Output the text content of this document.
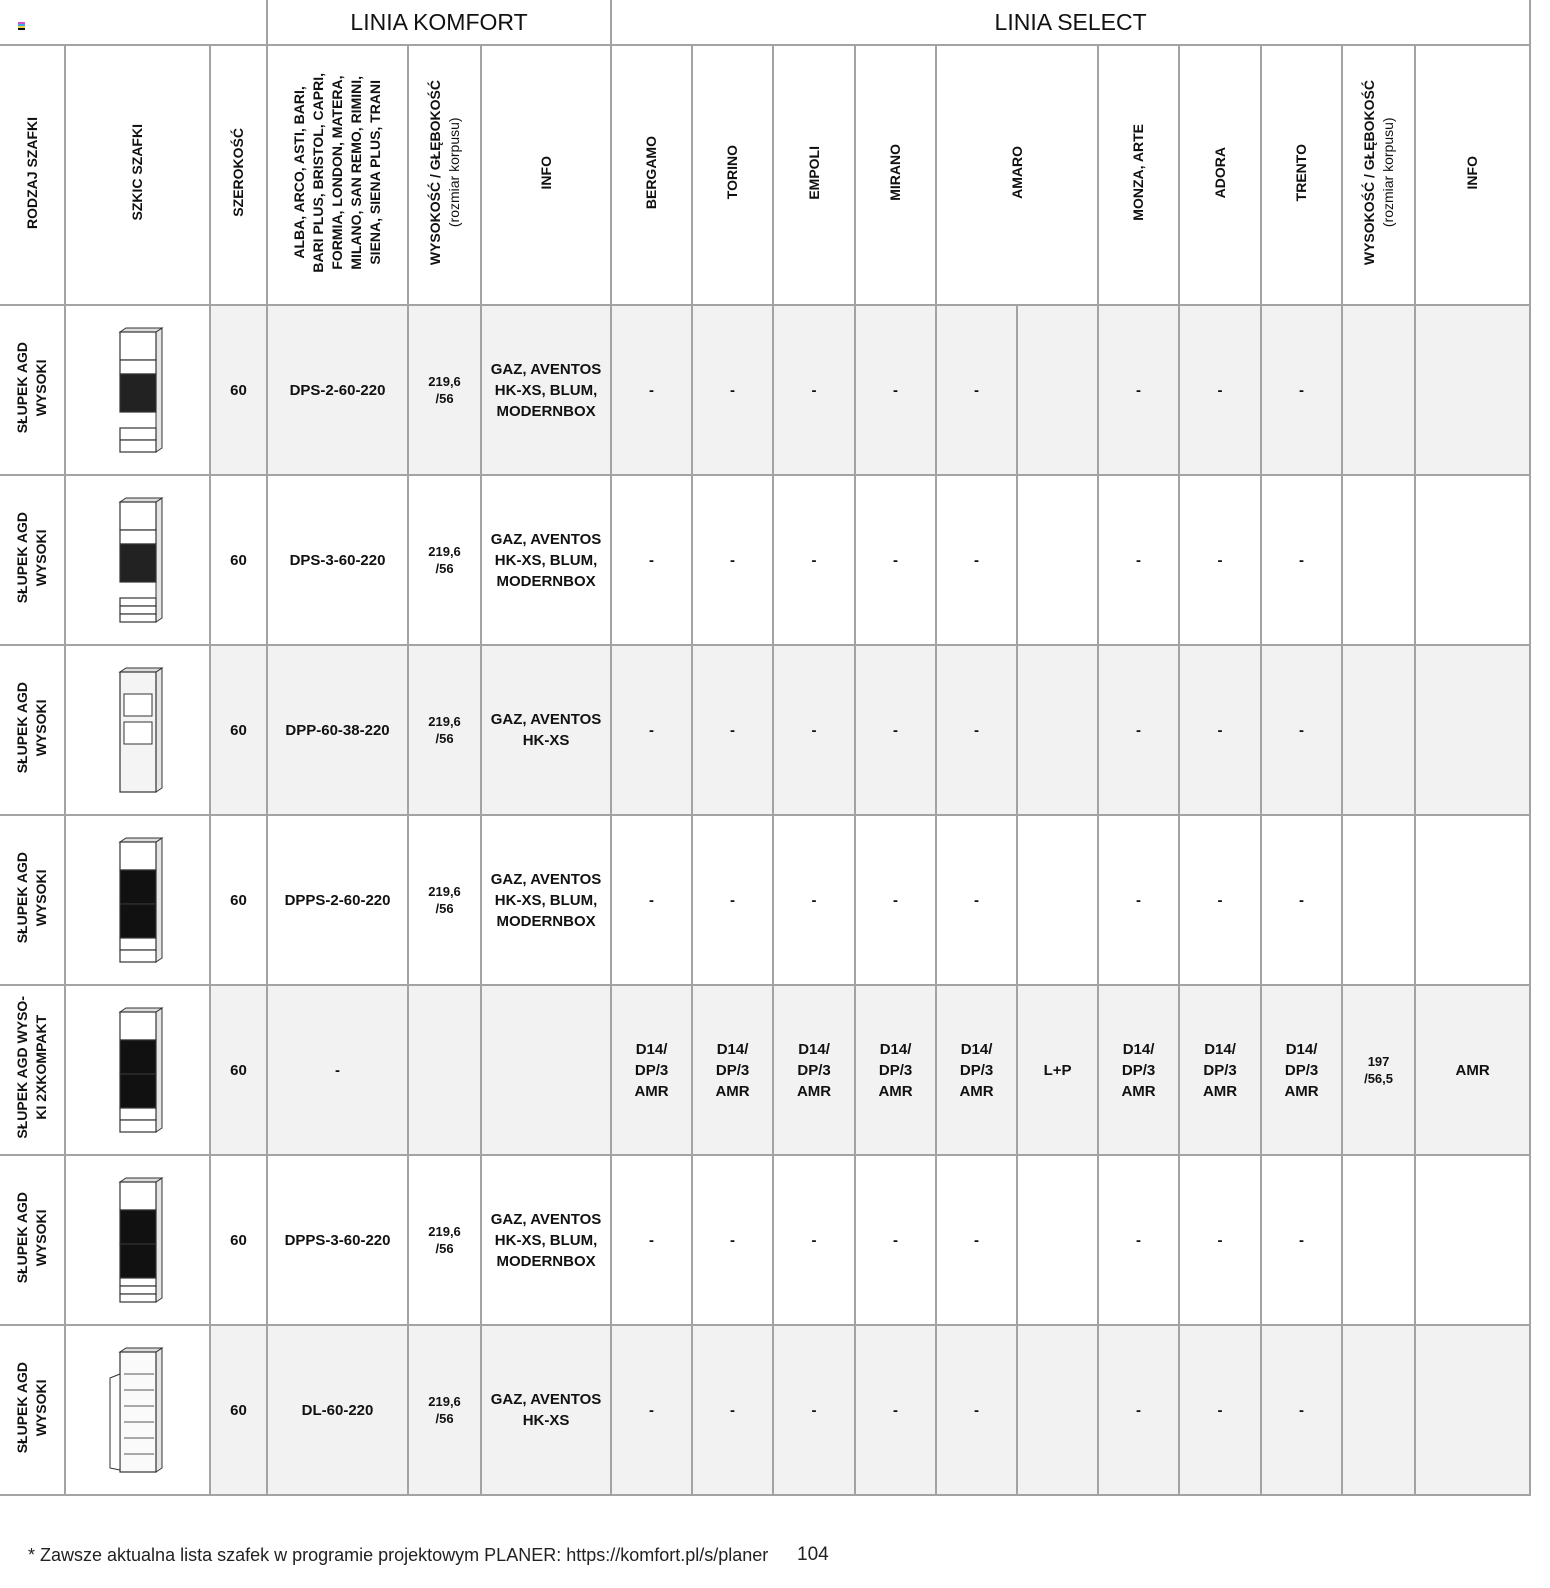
			LINIA KOMFORT			LINIA SELECT										
RODZAJ SZAFKI	SZKIC SZAFKI	SZEROKOŚĆ	ALBA, ARCO, ASTI, BARI,
BARI PLUS, BRISTOL, CAPRI,
FORMIA, LONDON, MATERA,
MILANO, SAN REMO, RIMINI,
SIENA, SIENA PLUS, TRANI	WYSOKOŚĆ / GŁĘBOKOŚĆ (rozmiar korpusu)	INFO	BERGAMO	TORINO	EMPOLI	MIRANO	AMARO		MONZA, ARTE	ADORA	TRENTO	WYSOKOŚĆ / GŁĘBOKOŚĆ (rozmiar korpusu)	INFO
SŁUPEK AGD
WYSOKI		60	DPS-2-60-220	219,6
/56	GAZ, AVENTOS
HK-XS, BLUM,
MODERNBOX	-	-	-	-	-		-	-	-		
SŁUPEK AGD
WYSOKI		60	DPS-3-60-220	219,6
/56	GAZ, AVENTOS
HK-XS, BLUM,
MODERNBOX	-	-	-	-	-		-	-	-		
SŁUPEK AGD
WYSOKI		60	DPP-60-38-220	219,6
/56	GAZ, AVENTOS
HK-XS	-	-	-	-	-		-	-	-		
SŁUPEK AGD
WYSOKI		60	DPPS-2-60-220	219,6
/56	GAZ, AVENTOS
HK-XS, BLUM,
MODERNBOX	-	-	-	-	-		-	-	-		
SŁUPEK AGD WYSO-
KI 2XKOMPAKT		60	-			D14/
DP/3
AMR	D14/
DP/3
AMR	D14/
DP/3
AMR	D14/
DP/3
AMR	D14/
DP/3
AMR	L+P	D14/
DP/3
AMR	D14/
DP/3
AMR	D14/
DP/3
AMR	197
/56,5	AMR
SŁUPEK AGD
WYSOKI		60	DPPS-3-60-220	219,6
/56	GAZ, AVENTOS
HK-XS, BLUM,
MODERNBOX	-	-	-	-	-		-	-	-		
SŁUPEK AGD
WYSOKI		60	DL-60-220	219,6
/56	GAZ, AVENTOS
HK-XS	-	-	-	-	-		-	-	-		
* Zawsze aktualna lista szafek w programie projektowym PLANER: https://komfort.pl/s/planer 104
